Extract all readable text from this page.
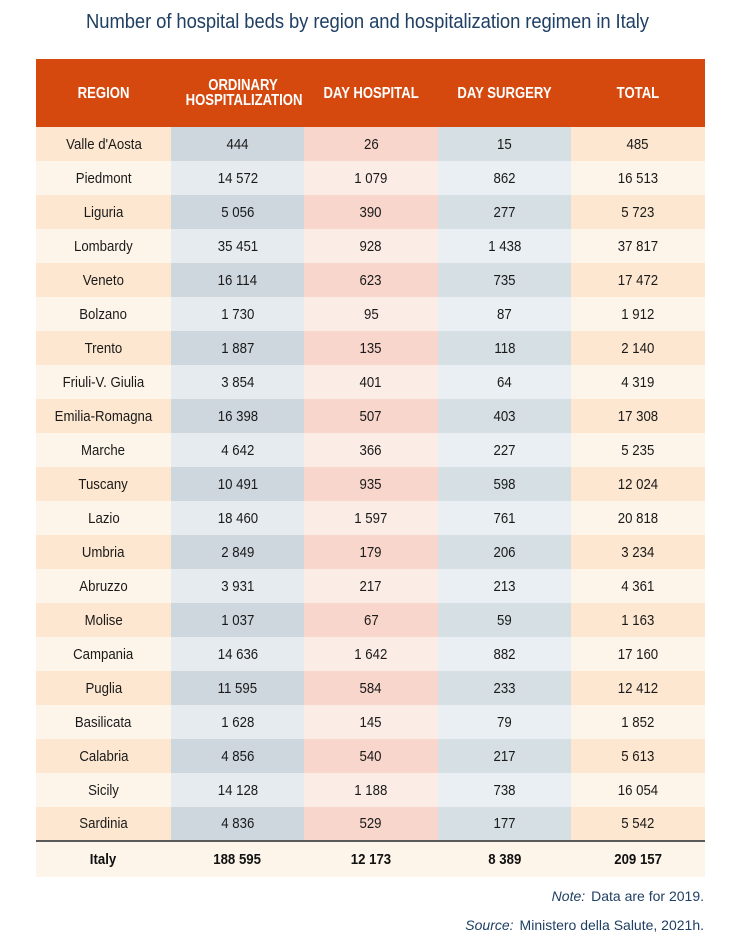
Number of hospital beds by region and hospitalization regimen in Italy
REGION	ORDINARY HOSPITALIZATION	DAY HOSPITAL	DAY SURGERY	TOTAL
Valle d'Aosta	444	26	15	485
Piedmont	14 572	1 079	862	16 513
Liguria	5 056	390	277	5 723
Lombardy	35 451	928	1 438	37 817
Veneto	16 114	623	735	17 472
Bolzano	1 730	95	87	1 912
Trento	1 887	135	118	2 140
Friuli-V. Giulia	3 854	401	64	4 319
Emilia-Romagna	16 398	507	403	17 308
Marche	4 642	366	227	5 235
Tuscany	10 491	935	598	12 024
Lazio	18 460	1 597	761	20 818
Umbria	2 849	179	206	3 234
Abruzzo	3 931	217	213	4 361
Molise	1 037	67	59	1 163
Campania	14 636	1 642	882	17 160
Puglia	11 595	584	233	12 412
Basilicata	1 628	145	79	1 852
Calabria	4 856	540	217	5 613
Sicily	14 128	1 188	738	16 054
Sardinia	4 836	529	177	5 542
Italy	188 595	12 173	8 389	209 157
Note: Data are for 2019.
Source: Ministero della Salute, 2021h.
